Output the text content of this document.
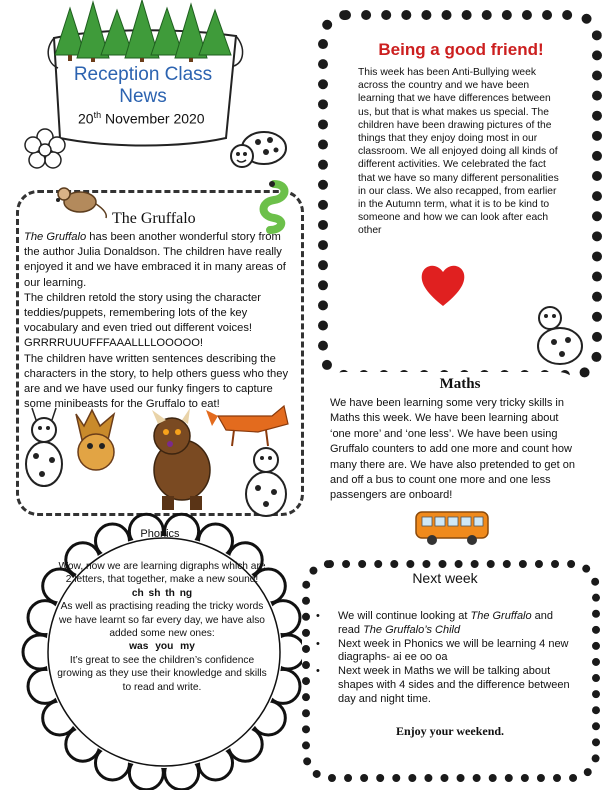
Reception Class
News
20th November 2020
Being a good friend!
This week has been Anti-Bullying week across the country and we have been learning that we have differences between us, but that is what makes us special. The children have been drawing pictures of the things that they enjoy doing most in our classroom. We all enjoyed doing all kinds of different activities. We celebrated the fact that we have so many different personalities in our class. We also recapped, from earlier in the Autumn term, what it is to be kind to someone and how we can look after each other
The Gruffalo

The Gruffalo has been another wonderful story from the author Julia Donaldson. The children have really enjoyed it and we have embraced it in many areas of our learning.

The children retold the story using the character teddies/puppets, remembering lots of the key vocabulary and even tried out different voices! GRRRRUUUFFFAAALLLLOOOOO!

The children have written sentences describing the characters in the story, to help others guess who they are and we have used our funky fingers to capture some minibeasts for the Gruffalo to eat!

Maths
We have been learning some very tricky skills in Maths this week. We have been learning about ‘one more’ and ‘one less’. We have been using Gruffalo counters to add one more and count how many there are. We have also pretended to get on and off a bus to count one more and one less passengers are onboard!
Phonics

Wow, now we are learning digraphs which are 2 letters, that together, make a new sound!

ch sh th ng

As well as practising reading the tricky words we have learnt so far every day, we have also added some new ones:

was you my

It’s great to see the children’s confidence growing as they use their knowledge and skills to read and write.

Next week
• We will continue looking at The Gruffalo and read The Gruffalo’s Child
• Next week in Phonics we will be learning 4 new diagraphs- ai ee oo oa
• Next week in Maths we will be talking about shapes with 4 sides and the difference between day and night time.
Enjoy your weekend.
